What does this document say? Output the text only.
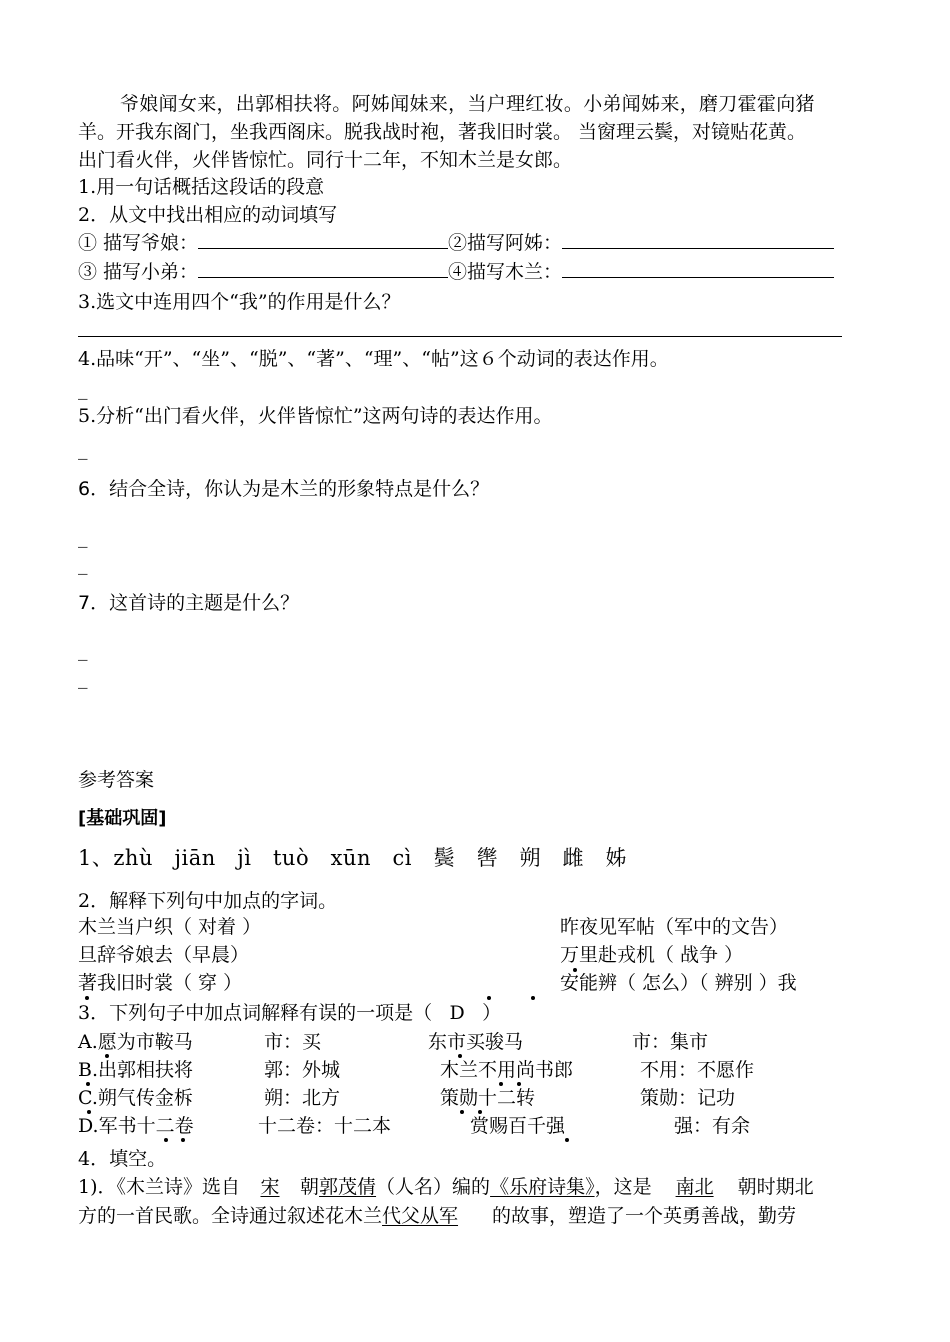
爷娘闻女来，出郭相扶将。阿姊闻妹来，当户理红妆。小弟闻姊来，磨刀霍霍向猪
羊。开我东阁门，坐我西阁床。脱我战时袍，著我旧时裳。 当窗理云鬓，对镜贴花黄。
出门看火伴，火伴皆惊忙。同行十二年，不知木兰是女郎。
1.用一句话概括这段话的段意
2．从文中找出相应的动词填写
① 描写爷娘：	②描写阿姊：
③ 描写小弟：	④描写木兰：
3.选文中连用四个“我”的作用是什么？
4.品味“开”、“坐”、“脱”、“著”、“理”、“帖”这６个动词的表达作用。
_
5.分析“出门看火伴，火伴皆惊忙”这两句诗的表达作用。
_
6．结合全诗，你认为是木兰的形象特点是什么？
_
_
7．这首诗的主题是什么？
_
_
参考答案
[基础巩固]
1、zhù　jiān　jì　tuò　xūn　cì　鬓　辔　朔　雌　姊
2．解释下列句中加点的字词。
木兰当户织（ 对着 ）	昨夜见军帖（军中的文告）
旦辞爷娘去（早晨）	万里赴戎机（ 战争 ）
著我旧时裳（ 穿 ）	安能辨（ 怎么）（ 辨别 ）我
3．下列句子中加点词解释有误的一项是（ D ）
A.愿为市鞍马	市：买	东市买骏马	市：集市
B.出郭相扶将	郭：外城	木兰不用尚书郎	不用：不愿作
C.朔气传金柝	朔：北方	策勋十二转	策勋：记功
D.军书十二卷	十二卷：十二本	赏赐百千强	强：有余
4．填空。
1)．《木兰诗》选自 宋 朝郭茂倩（人名）编的《乐府诗集》，这是 南北 朝时期北
方的一首民歌。全诗通过叙述花木兰代父从军 的故事，塑造了一个英勇善战，勤劳
